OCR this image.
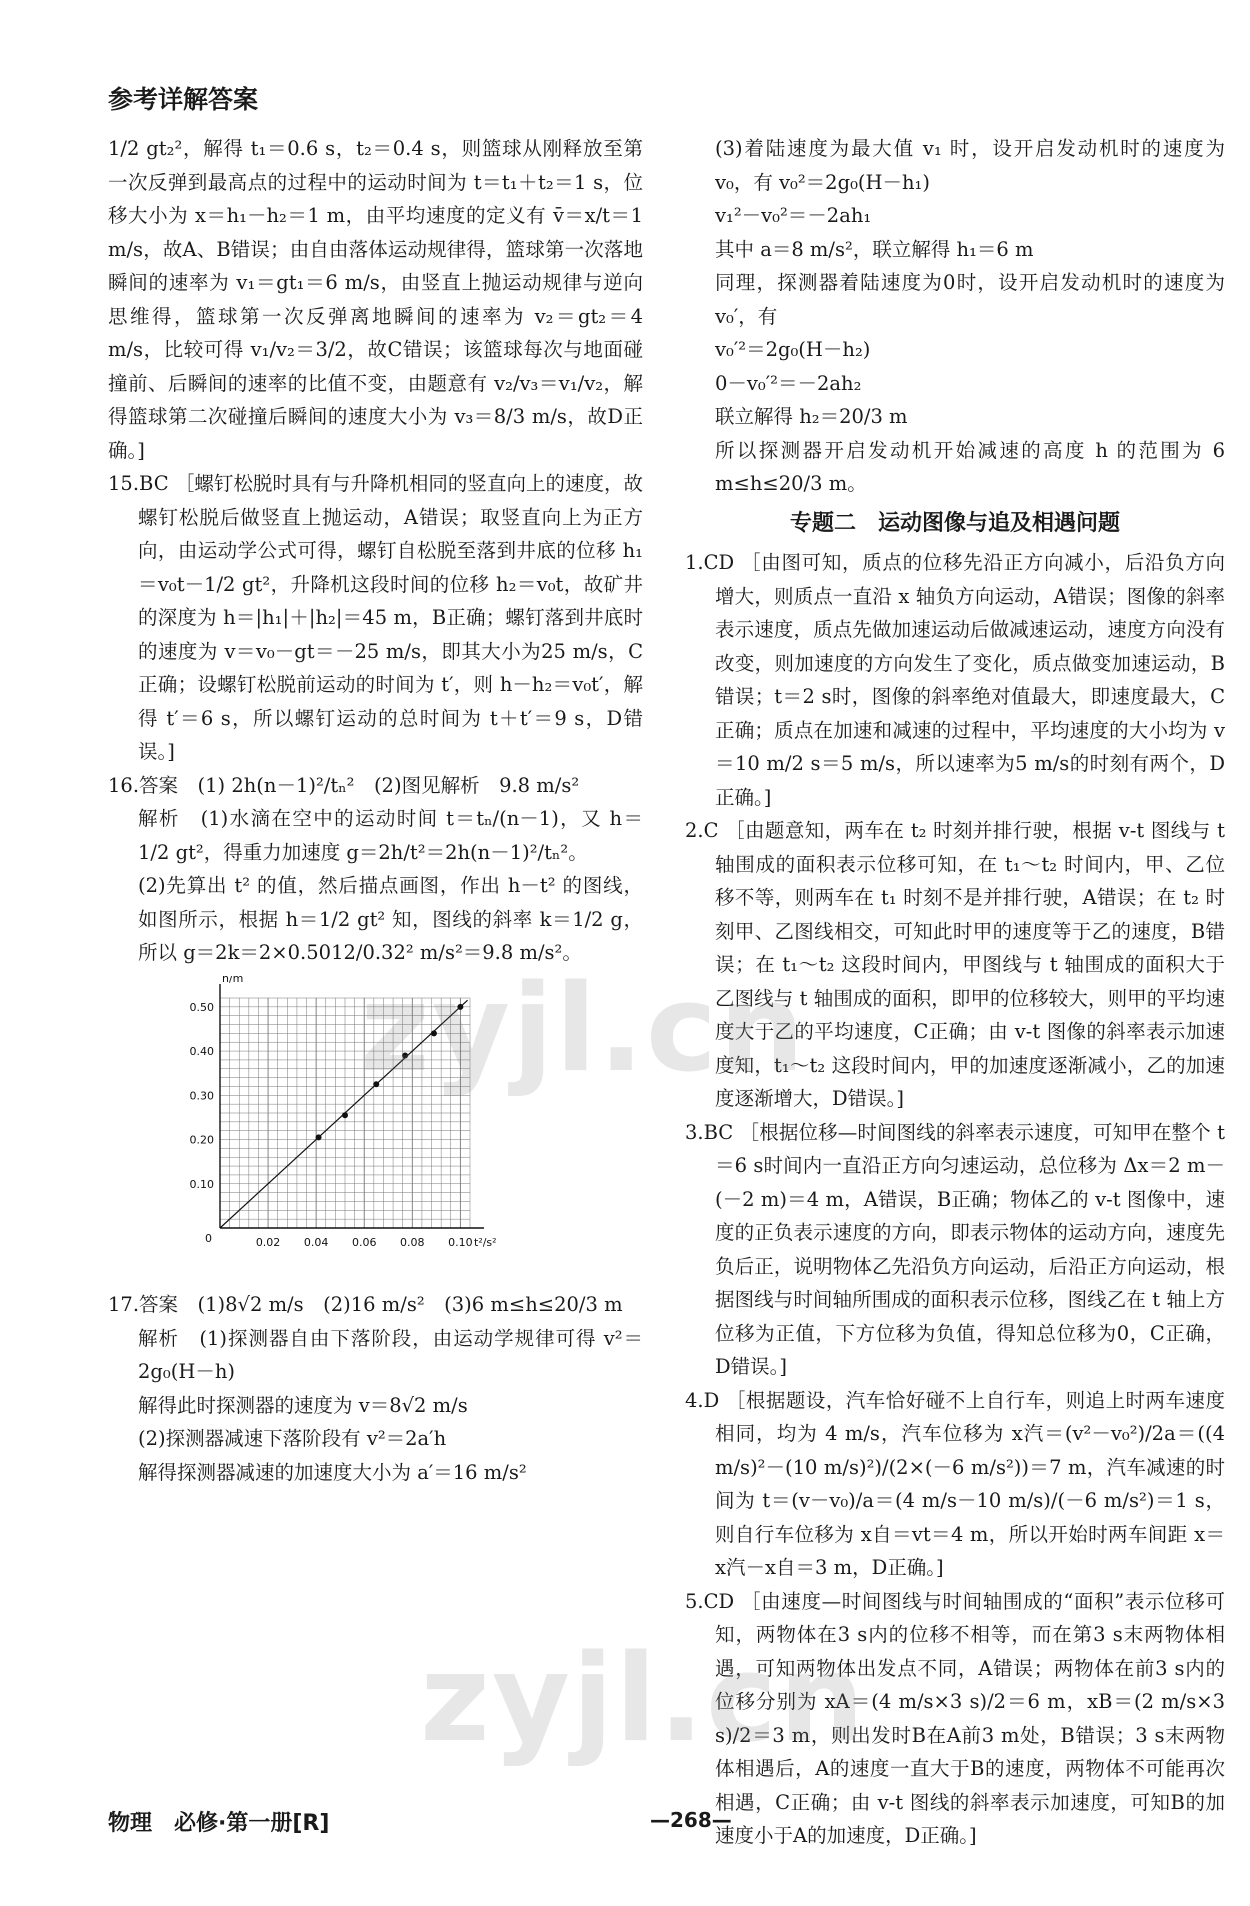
参考详解答案

1/2 gt₂²，解得 t₁＝0.6 s，t₂＝0.4 s，则篮球从刚释放至第一次反弹到最高点的过程中的运动时间为 t＝t₁＋t₂＝1 s，位移大小为 x＝h₁－h₂＝1 m，由平均速度的定义有 v̄＝x/t＝1 m/s，故A、B错误；由自由落体运动规律得，篮球第一次落地瞬间的速率为 v₁＝gt₁＝6 m/s，由竖直上抛运动规律与逆向思维得，篮球第一次反弹离地瞬间的速率为 v₂＝gt₂＝4 m/s，比较可得 v₁/v₂＝3/2，故C错误；该篮球每次与地面碰撞前、后瞬间的速率的比值不变，由题意有 v₂/v₃＝v₁/v₂，解得篮球第二次碰撞后瞬间的速度大小为 v₃＝8/3 m/s，故D正确。]

15.BC ［螺钉松脱时具有与升降机相同的竖直向上的速度，故螺钉松脱后做竖直上抛运动，A错误；取竖直向上为正方向，由运动学公式可得，螺钉自松脱至落到井底的位移 h₁＝v₀t－1/2 gt²，升降机这段时间的位移 h₂＝v₀t，故矿井的深度为 h＝|h₁|＋|h₂|＝45 m，B正确；螺钉落到井底时的速度为 v＝v₀－gt＝－25 m/s，即其大小为25 m/s，C正确；设螺钉松脱前运动的时间为 t′，则 h－h₂＝v₀t′，解得 t′＝6 s，所以螺钉运动的总时间为 t＋t′＝9 s，D错误。]

16.答案　(1) 2h(n－1)²/tₙ²　(2)图见解析　9.8 m/s²

解析　(1)水滴在空中的运动时间 t＝tₙ/(n－1)，又 h＝1/2 gt²，得重力加速度 g＝2h/t²＝2h(n－1)²/tₙ²。

(2)先算出 t² 的值，然后描点画图，作出 h－t² 的图线，如图所示，根据 h＝1/2 gt² 知，图线的斜率 k＝1/2 g，所以 g＝2k＝2×0.5012/0.32² m/s²＝9.8 m/s²。

0.02 0.04 0.06 0.08 0.10
0.10
0.20
0.30
0.40
0.50
0	t²/s²
h/m

17.答案　(1)8√2 m/s　(2)16 m/s²　(3)6 m≤h≤20/3 m

解析　(1)探测器自由下落阶段，由运动学规律可得 v²＝2g₀(H－h)

解得此时探测器的速度为 v＝8√2 m/s

(2)探测器减速下落阶段有 v²＝2a′h

解得探测器减速的加速度大小为 a′＝16 m/s²

(3)着陆速度为最大值 v₁ 时，设开启发动机时的速度为 v₀，有 v₀²＝2g₀(H－h₁)

v₁²－v₀²＝－2ah₁

其中 a＝8 m/s²，联立解得 h₁＝6 m

同理，探测器着陆速度为0时，设开启发动机时的速度为 v₀′，有

v₀′²＝2g₀(H－h₂)

0－v₀′²＝－2ah₂

联立解得 h₂＝20/3 m

所以探测器开启发动机开始减速的高度 h 的范围为 6 m≤h≤20/3 m。

专题二　运动图像与追及相遇问题

1.CD ［由图可知，质点的位移先沿正方向减小，后沿负方向增大，则质点一直沿 x 轴负方向运动，A错误；图像的斜率表示速度，质点先做加速运动后做减速运动，速度方向没有改变，则加速度的方向发生了变化，质点做变加速运动，B错误；t＝2 s时，图像的斜率绝对值最大，即速度最大，C正确；质点在加速和减速的过程中，平均速度的大小均为 v＝10 m/2 s＝5 m/s，所以速率为5 m/s的时刻有两个，D正确。]

2.C ［由题意知，两车在 t₂ 时刻并排行驶，根据 v-t 图线与 t 轴围成的面积表示位移可知，在 t₁～t₂ 时间内，甲、乙位移不等，则两车在 t₁ 时刻不是并排行驶，A错误；在 t₂ 时刻甲、乙图线相交，可知此时甲的速度等于乙的速度，B错误；在 t₁～t₂ 这段时间内，甲图线与 t 轴围成的面积大于乙图线与 t 轴围成的面积，即甲的位移较大，则甲的平均速度大于乙的平均速度，C正确；由 v-t 图像的斜率表示加速度知，t₁～t₂ 这段时间内，甲的加速度逐渐减小，乙的加速度逐渐增大，D错误。]

3.BC ［根据位移—时间图线的斜率表示速度，可知甲在整个 t＝6 s时间内一直沿正方向匀速运动，总位移为 Δx＝2 m－(－2 m)＝4 m，A错误，B正确；物体乙的 v-t 图像中，速度的正负表示速度的方向，即表示物体的运动方向，速度先负后正，说明物体乙先沿负方向运动，后沿正方向运动，根据图线与时间轴所围成的面积表示位移，图线乙在 t 轴上方位移为正值，下方位移为负值，得知总位移为0，C正确，D错误。]

4.D ［根据题设，汽车恰好碰不上自行车，则追上时两车速度相同，均为 4 m/s，汽车位移为 x汽＝(v²－v₀²)/2a＝((4 m/s)²－(10 m/s)²)/(2×(－6 m/s²))＝7 m，汽车减速的时间为 t＝(v－v₀)/a＝(4 m/s－10 m/s)/(－6 m/s²)＝1 s，则自行车位移为 x自＝vt＝4 m，所以开始时两车间距 x＝x汽－x自＝3 m，D正确。]

5.CD ［由速度—时间图线与时间轴围成的“面积”表示位移可知，两物体在3 s内的位移不相等，而在第3 s末两物体相遇，可知两物体出发点不同，A错误；两物体在前3 s内的位移分别为 xA＝(4 m/s×3 s)/2＝6 m，xB＝(2 m/s×3 s)/2＝3 m，则出发时B在A前3 m处，B错误；3 s末两物体相遇后，A的速度一直大于B的速度，两物体不可能再次相遇，C正确；由 v-t 图线的斜率表示加速度，可知B的加速度小于A的加速度，D正确。]

zyjl.cn
zyjl.cn
物理　必修·第一册[R]	—268—
